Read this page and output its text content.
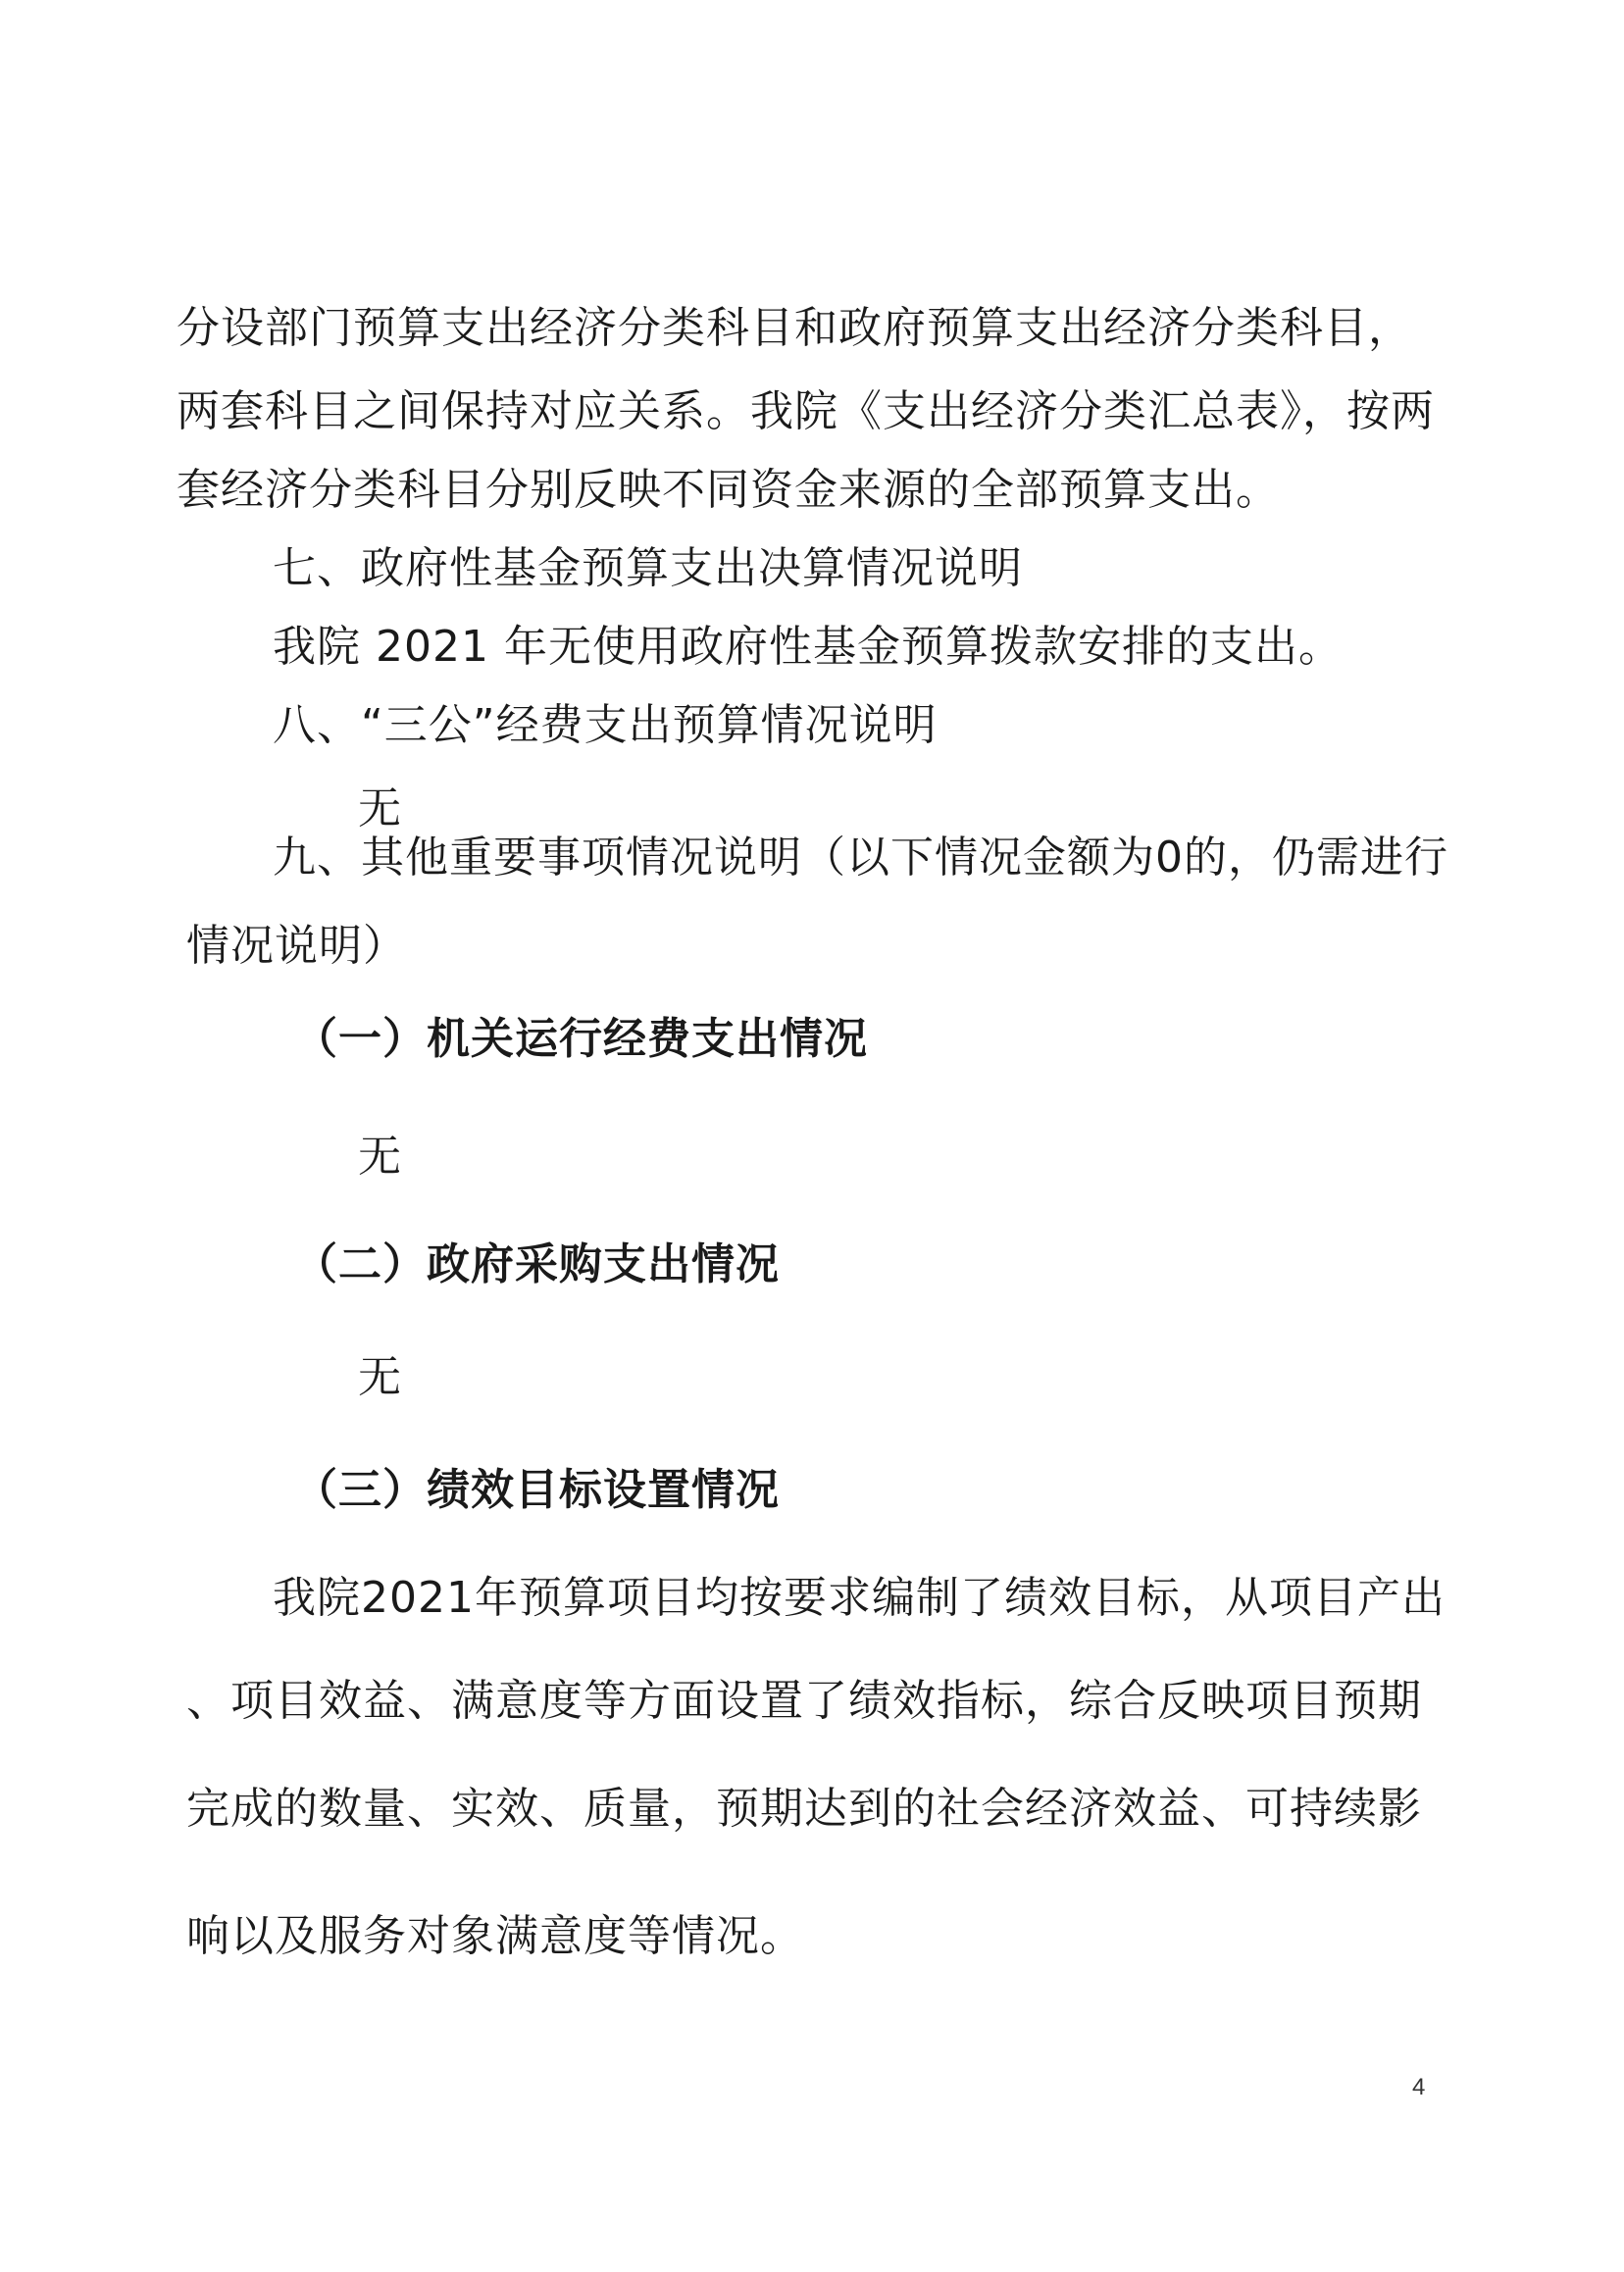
分设部门预算支出经济分类科目和政府预算支出经济分类科目，
两套科目之间保持对应关系。我院《支出经济分类汇总表》，按两
套经济分类科目分别反映不同资金来源的全部预算支出。
七、政府性基金预算支出决算情况说明
我院 2021 年无使用政府性基金预算拨款安排的支出。
八、“三公”经费支出预算情况说明
无
九、其他重要事项情况说明（以下情况金额为0的，仍需进行
情况说明）
（一）机关运行经费支出情况
无
（二）政府采购支出情况
无
（三）绩效目标设置情况
我院2021年预算项目均按要求编制了绩效目标，从项目产出
、项目效益、满意度等方面设置了绩效指标，综合反映项目预期
完成的数量、实效、质量，预期达到的社会经济效益、可持续影
响以及服务对象满意度等情况。
4
